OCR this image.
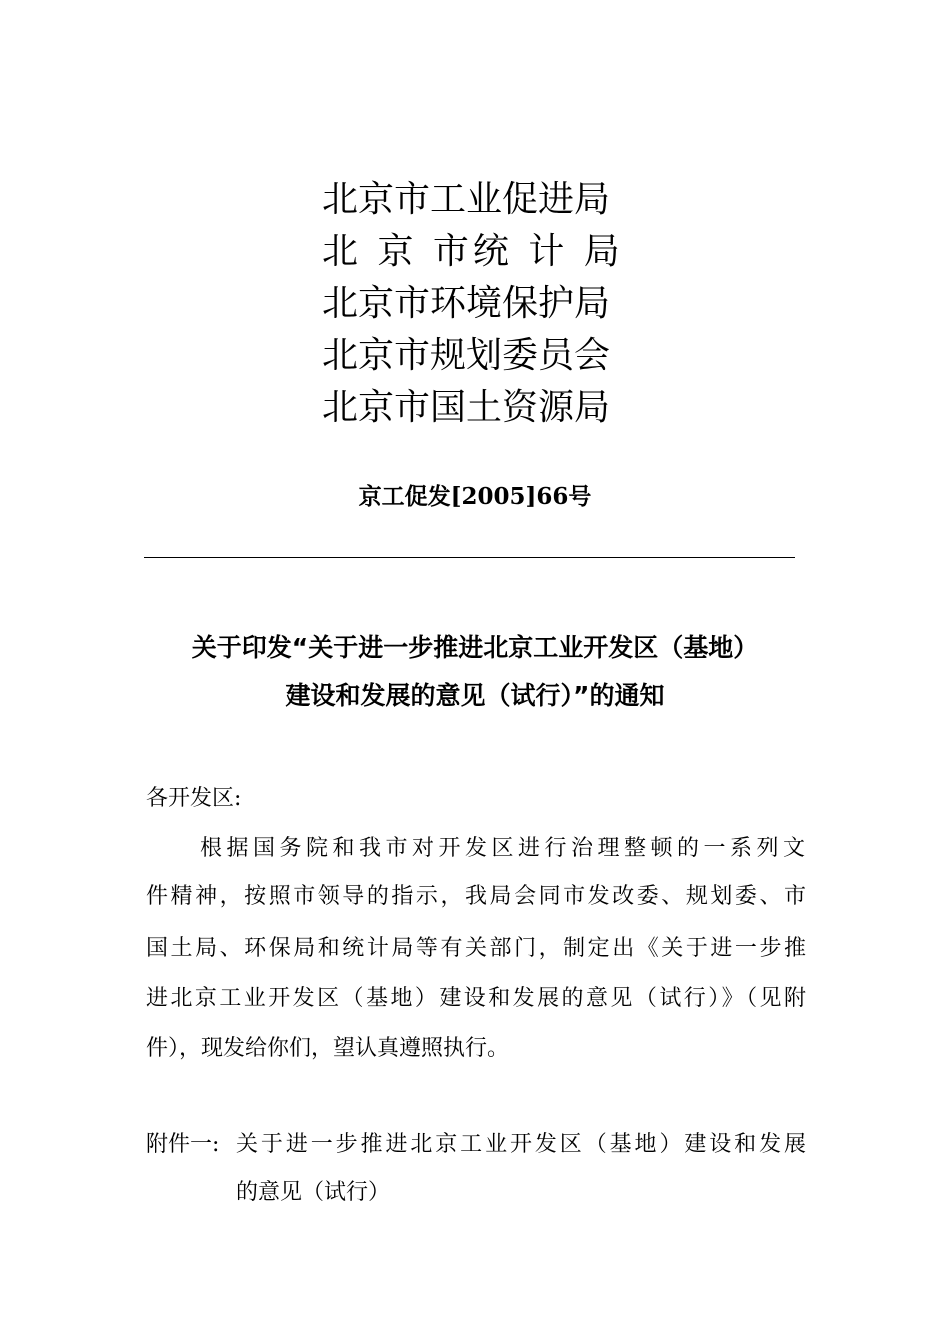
北京市工业促进局
北 京 市统 计 局
北京市环境保护局
北京市规划委员会
北京市国土资源局
京工促发[2005]66号
关于印发“关于进一步推进北京工业开发区（基地）
建设和发展的意见（试行）”的通知
各开发区:
根据国务院和我市对开发区进行治理整顿的一系列文
件精神，按照市领导的指示，我局会同市发改委、规划委、市
国土局、环保局和统计局等有关部门，制定出《关于进一步推
进北京工业开发区（基地）建设和发展的意见（试行）》（见附
件），现发给你们，望认真遵照执行。
附件一: 关于进一步推进北京工业开发区（基地）建设和发展
的意见（试行）
